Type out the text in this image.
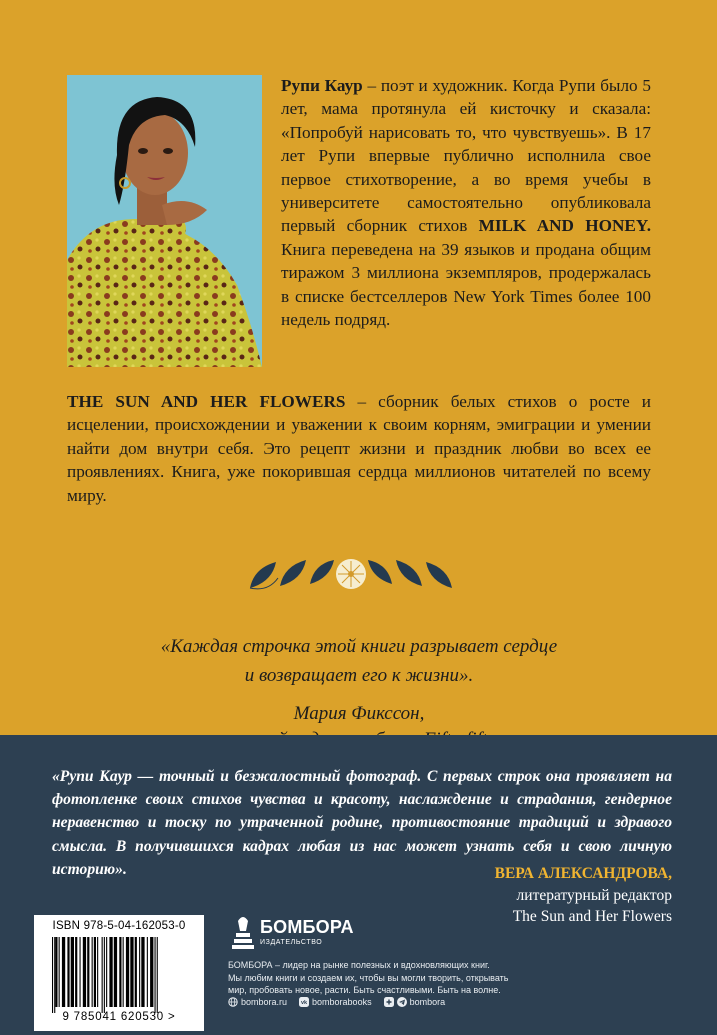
Рупи Каур – поэт и художник. Когда Рупи было 5 лет, мама протянула ей кисточку и сказала: «Попробуй нарисовать то, что чувствуешь». В 17 лет Рупи впервые публично исполнила свое первое стихотворение, а во время учебы в университете самостоятельно опубликовала первый сборник стихов MILK AND HONEY. Книга переведена на 39 языков и продана общим тиражом 3 миллиона экземпляров, продержалась в списке бестселлеров New York Times более 100 недель подряд.
THE SUN AND HER FLOWERS – сборник белых стихов о росте и исцелении, происхождении и уважении к своим корням, эмиграции и умении найти дом внутри себя. Это рецепт жизни и праздник любви во всех ее проявлениях. Книга, уже покорившая сердца миллионов читателей по всему миру.
«Каждая строчка этой книги разрывает сердце
и возвращает его к жизни».
Мария Фикссон,
«Рупи Каур — точный и безжалостный фотограф. С первых строк она проявляет на фотопленке своих стихов чувства и красоту, наслаждение и страдания, гендерное неравенство и тоску по утраченной родине, противостояние традиций и здравого смысла. В получившихся кадрах любая из нас может узнать себя и свою личную историю».	ВЕРА АЛЕКСАНДРОВА,
литературный редактор
The Sun and Her Flowers
ISBN 978-5-04-162053-0
9 785041 620530 >
БОМБОРА
ИЗДАТЕЛЬСТВО
БОМБОРА – лидер на рынке полезных и вдохновляющих книг.
Мы любим книги и создаем их, чтобы вы могли творить, открывать
мир, пробовать новое, расти. Быть счастливыми. Быть на волне.
bombora.ru	vk bomborabooks	bombora
